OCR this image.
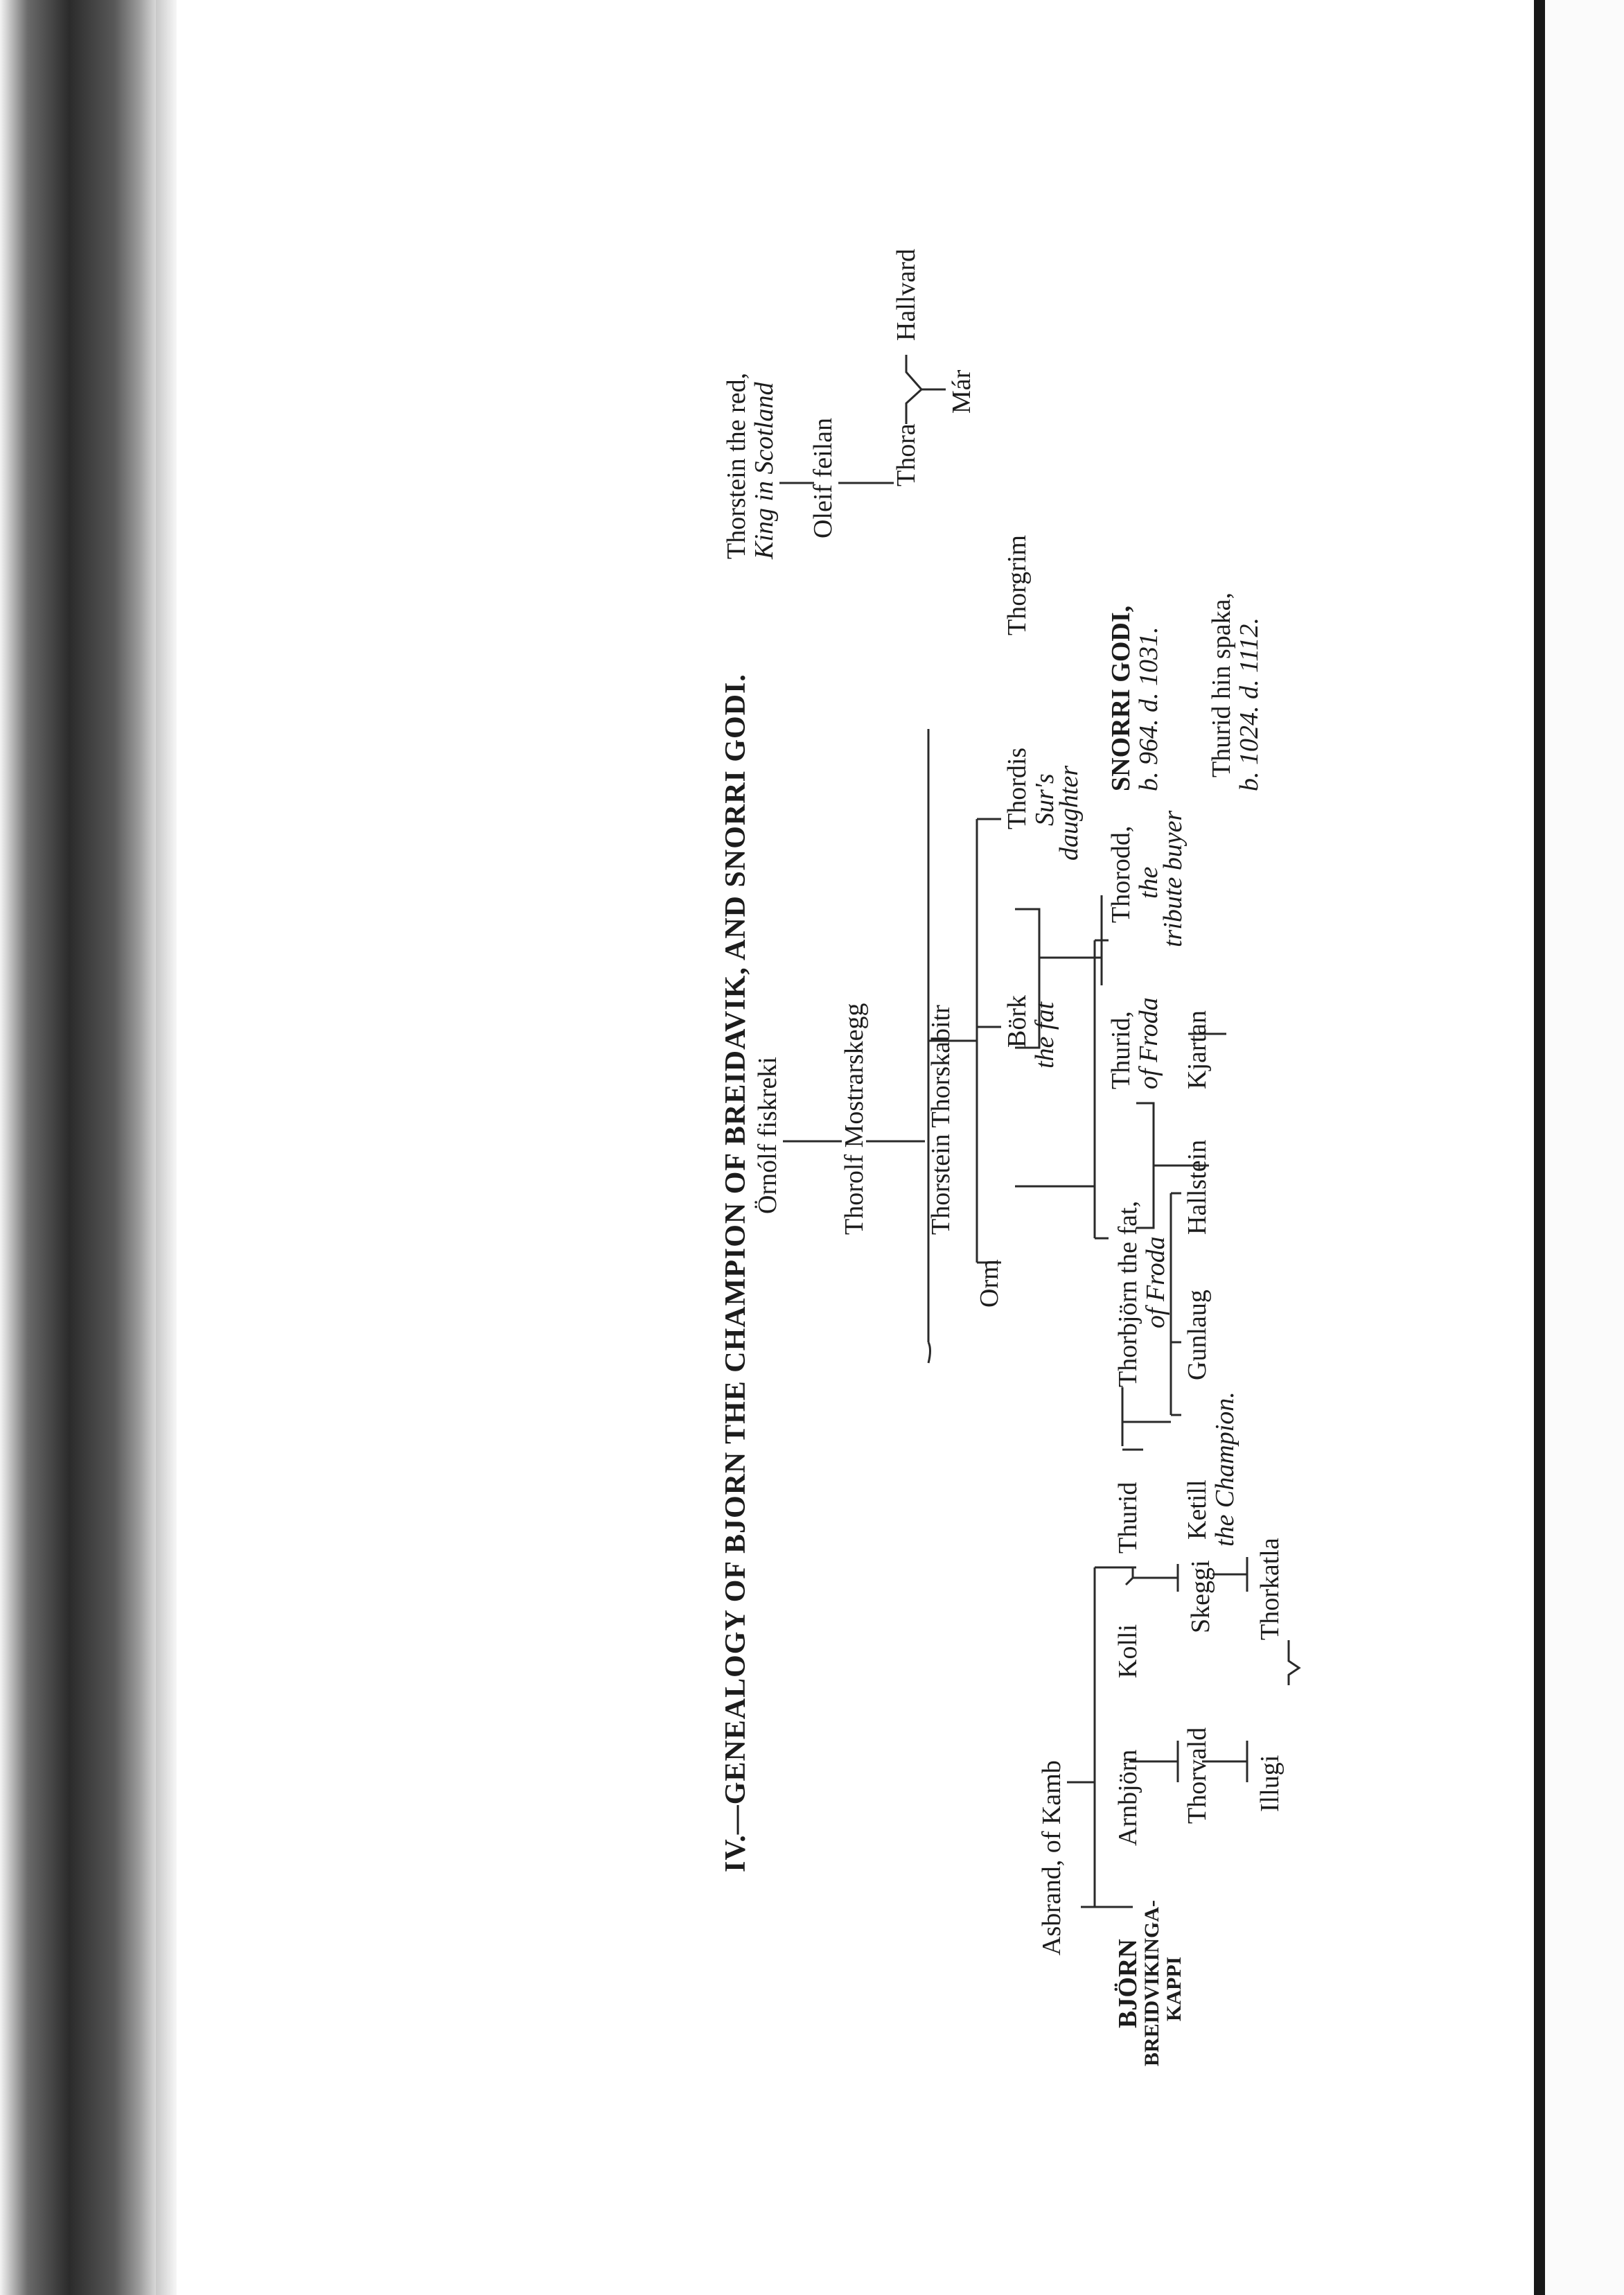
IV.—GENEALOGY OF BJORN THE CHAMPION OF BREIDAVIK, AND SNORRI GODI.	Asbrand, of Kamb
BJÖRN
BREIDVIKINGA- KAPPI
Arnbjörn Thorvald Illugi
Kolli
Thorkatla
Skeggi
Thurid Ketill
the Champion.
Gunlaug
Thorbjörn the fat,
of Froda
Hallstein
Orm
Örnólf fiskreki Thorolf Mostrarskegg Thorstein Thorskabitr Börk
the fat Thurid,
of Froda Kjartan
Thorodd,
the
tribute buyer
Thordis
Sur's
daughter
Thorgrim
SNORRI GODI,
b. 964. d. 1031. Thurid hin spaka,
b. 1024. d. 1112.
Thorstein the red,
King in Scotland Oleif feilan Thora
Hallvard
Már
